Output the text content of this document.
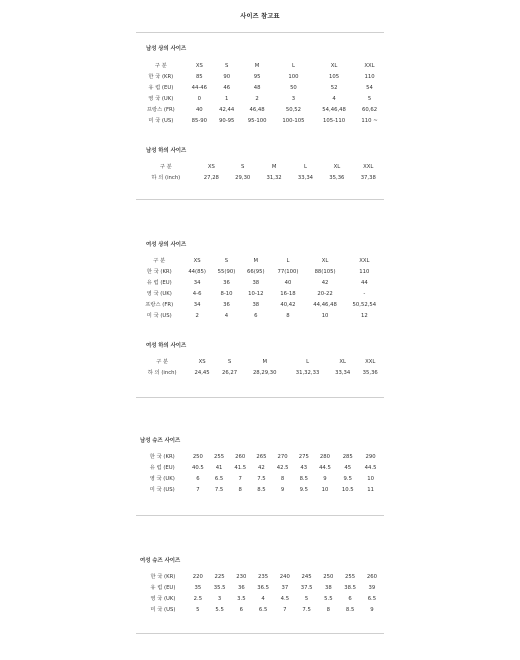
사이즈 참고표
남성 상의 사이즈
구 분	XS	S	M	L	XL	XXL
한 국 (KR)	85	90	95	100	105	110
유 럽 (EU)	44-46	46	48	50	52	54
영 국 (UK)	0	1	2	3	4	5
프랑스 (FR)	40	42,44	46,48	50,52	54,46,48	60,62
미 국 (US)	85-90	90-95	95-100	100-105	105-110	110 ~
남성 하의 사이즈
구 분	XS	S	M	L	XL	XXL
하 의 (inch)	27,28	29,30	31,32	33,34	35,36	37,38
여성 상의 사이즈
구 분	XS	S	M	L	XL	XXL
한 국 (KR)	44(85)	55(90)	66(95)	77(100)	88(105)	110
유 럽 (EU)	34	36	38	40	42	44
영 국 (UK)	4-6	8-10	10-12	16-18	20-22	-
프랑스 (FR)	34	36	38	40,42	44,46,48	50,52,54
미 국 (US)	2	4	6	8	10	12
여성 하의 사이즈
구 분	XS	S	M	L	XL	XXL
하 의 (inch)	24,45	26,27	28,29,30	31,32,33	33,34	35,36
남성 슈즈 사이즈
한 국 (KR)	250	255	260	265	270	275	280	285	290
유 럽 (EU)	40.5	41	41.5	42	42.5	43	44.5	45	44.5
영 국 (UK)	6	6.5	7	7.5	8	8.5	9	9.5	10
미 국 (US)	7	7.5	8	8.5	9	9.5	10	10.5	11
여성 슈즈 사이즈
한 국 (KR)	220	225	230	235	240	245	250	255	260
유 럽 (EU)	35	35.5	36	36.5	37	37.5	38	38.5	39
영 국 (UK)	2.5	3	3.5	4	4.5	5	5.5	6	6.5
미 국 (US)	5	5.5	6	6.5	7	7.5	8	8.5	9
